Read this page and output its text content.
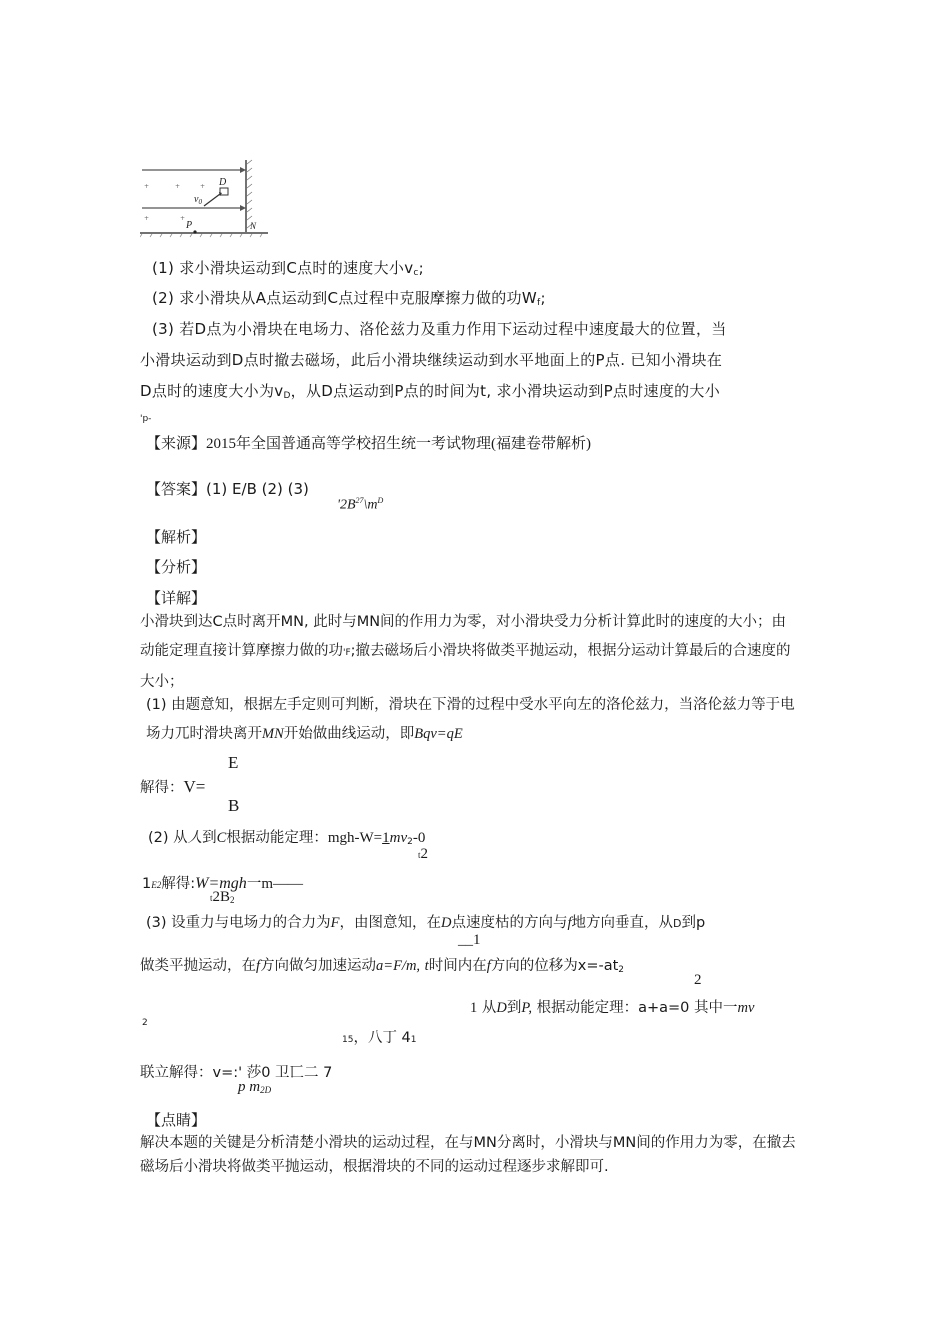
+	+	+
+	+
D
$v_0$
P	N
(1) 求小滑块运动到C点时的速度大小$v_c$;
(2) 求小滑块从A点运动到C点过程中克服摩擦力做的功$W_f$;
(3) 若D点为小滑块在电场力、洛伦兹力及重力作用下运动过程中速度最大的位置，当
小滑块运动到D点时撤去磁场，此后小滑块继续运动到水平地面上的P点. 已知小滑块在
D点时的速度大小为$v_D$，从D点运动到P点的时间为t, 求小滑块运动到P点时速度的大小
'p-
【来源】2015年全国普通高等学校招生统一考试物理(福建卷带解析)
【答案】(1) E/B (2) (3)
'$2B^{27}\backslash m^D$
【解析】
【分析】
【详解】
小滑块到达C点时离开MN, 此时与MN间的作用力为零，对小滑块受力分析计算此时的速度的大小；由动能定理直接计算摩擦力做的功'F;撤去磁场后小滑块将做类平抛运动，根据分运动计算最后的合速度的大小；
(1) 由题意知，根据左手定则可判断，滑块在下滑的过程中受水平向左的洛伦兹力，当洛伦兹力等于电场力兀时滑块离开MN开始做曲线运动，即Bqv=qE
E
解得：V=
B
(2) 从人到C根据动能定理：mgh-$W=1mv_2-0$
t2
1E2解得:W=mgh一m——
$t2B_2$
(3) 设重力与电场力的合力为F，由图意知，在D点速度枯的方向与f地方向垂直，从D到p
__1
做类平抛运动，在f方向做匀加速运动a=F/m, t时间内在f方向的位移为$x=-at_2$
2
1 从D到P, 根据动能定理：a+a=0 其中一mv
2
15，八丁 41
联立解得：v=:' 莎0 卫匸二 7
p $m_{2D}$
【点睛】
解决本题的关键是分析清楚小滑块的运动过程，在与MN分离时，小滑块与MN间的作用力为零，在撤去磁场后小滑块将做类平抛运动，根据滑块的不同的运动过程逐步求解即可.
